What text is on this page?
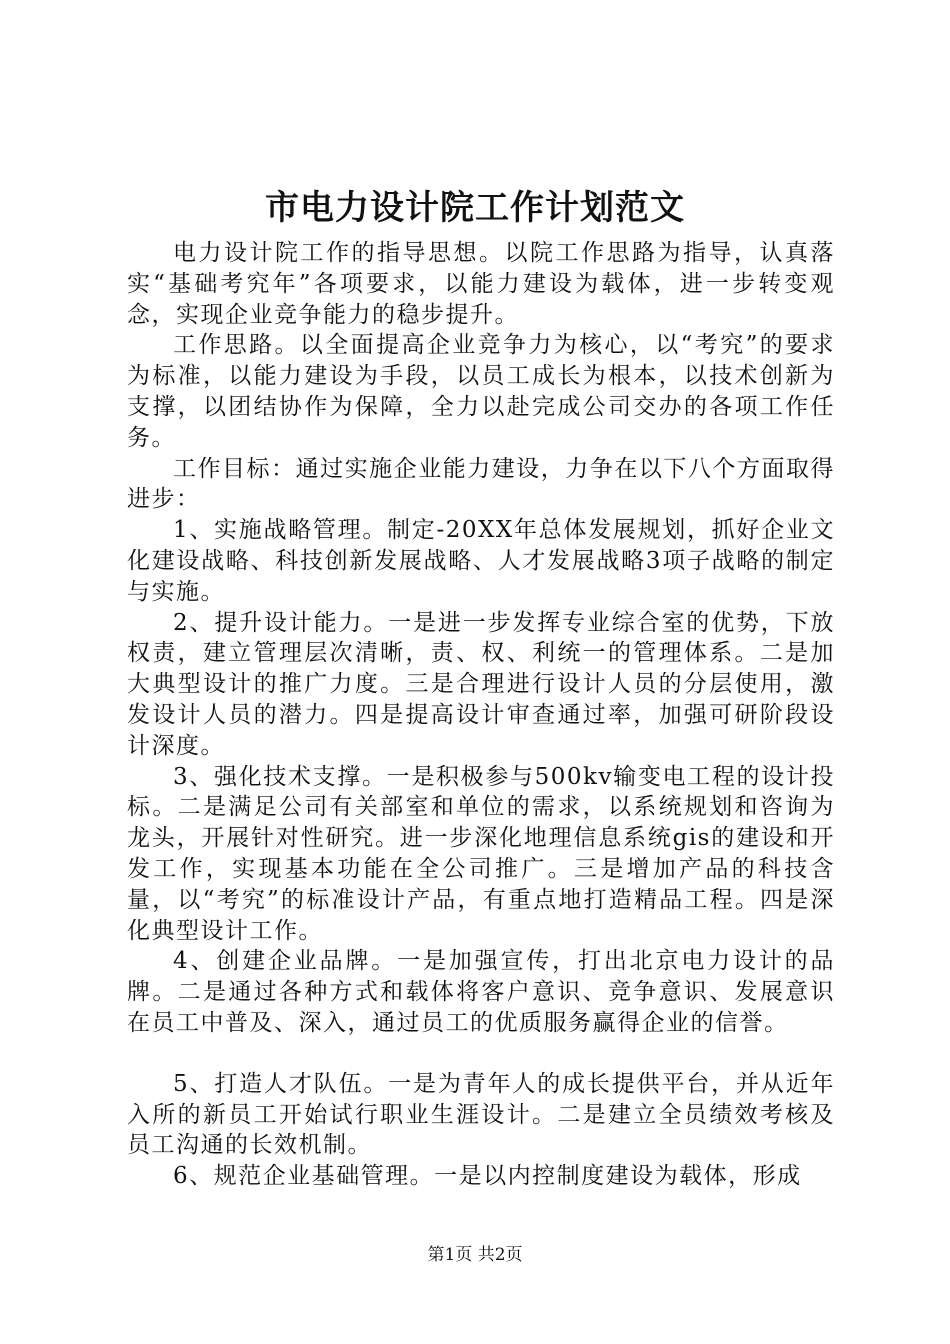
市电力设计院工作计划范文

电力设计院工作的指导思想。以院工作思路为指导，认真落实“基础考究年”各项要求，以能力建设为载体，进一步转变观念，实现企业竞争能力的稳步提升。

工作思路。以全面提高企业竞争力为核心，以“考究”的要求为标准，以能力建设为手段，以员工成长为根本，以技术创新为支撑，以团结协作为保障，全力以赴完成公司交办的各项工作任务。

工作目标：通过实施企业能力建设，力争在以下八个方面取得进步：

1、实施战略管理。制定-20XX年总体发展规划，抓好企业文化建设战略、科技创新发展战略、人才发展战略3项子战略的制定与实施。

2、提升设计能力。一是进一步发挥专业综合室的优势，下放权责，建立管理层次清晰，责、权、利统一的管理体系。二是加大典型设计的推广力度。三是合理进行设计人员的分层使用，激发设计人员的潜力。四是提高设计审查通过率，加强可研阶段设计深度。

3、强化技术支撑。一是积极参与500kv输变电工程的设计投标。二是满足公司有关部室和单位的需求，以系统规划和咨询为龙头，开展针对性研究。进一步深化地理信息系统gis的建设和开发工作，实现基本功能在全公司推广。三是增加产品的科技含量，以“考究”的标准设计产品，有重点地打造精品工程。四是深化典型设计工作。

4、创建企业品牌。一是加强宣传，打出北京电力设计的品牌。二是通过各种方式和载体将客户意识、竞争意识、发展意识在员工中普及、深入，通过员工的优质服务赢得企业的信誉。

5、打造人才队伍。一是为青年人的成长提供平台，并从近年入所的新员工开始试行职业生涯设计。二是建立全员绩效考核及员工沟通的长效机制。

6、规范企业基础管理。一是以内控制度建设为载体，形成

第1页 共2页
